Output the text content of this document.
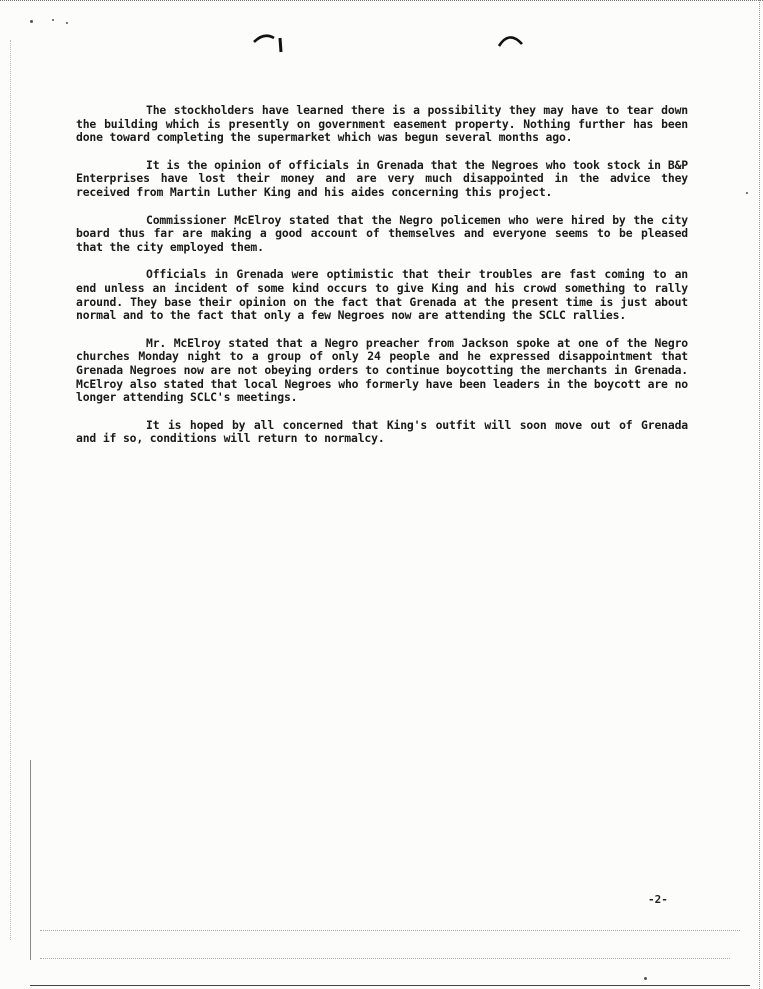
The stockholders have learned there is a possibility they may have to tear down the building which is presently on government easement property. Nothing further has been done toward completing the supermarket which was begun several months ago.

It is the opinion of officials in Grenada that the Negroes who took stock in B&P Enterprises have lost their money and are very much disappointed in the advice they received from Martin Luther King and his aides concerning this project.

Commissioner McElroy stated that the Negro policemen who were hired by the city board thus far are making a good account of themselves and everyone seems to be pleased that the city employed them.

Officials in Grenada were optimistic that their troubles are fast coming to an end unless an incident of some kind occurs to give King and his crowd something to rally around. They base their opinion on the fact that Grenada at the present time is just about normal and to the fact that only a few Negroes now are attending the SCLC rallies.

Mr. McElroy stated that a Negro preacher from Jackson spoke at one of the Negro churches Monday night to a group of only 24 people and he expressed disappointment that Grenada Negroes now are not obeying orders to continue boycotting the merchants in Grenada. McElroy also stated that local Negroes who formerly have been leaders in the boycott are no longer attending SCLC's meetings.

It is hoped by all concerned that King's outfit will soon move out of Grenada and if so, conditions will return to normalcy.

-2-
